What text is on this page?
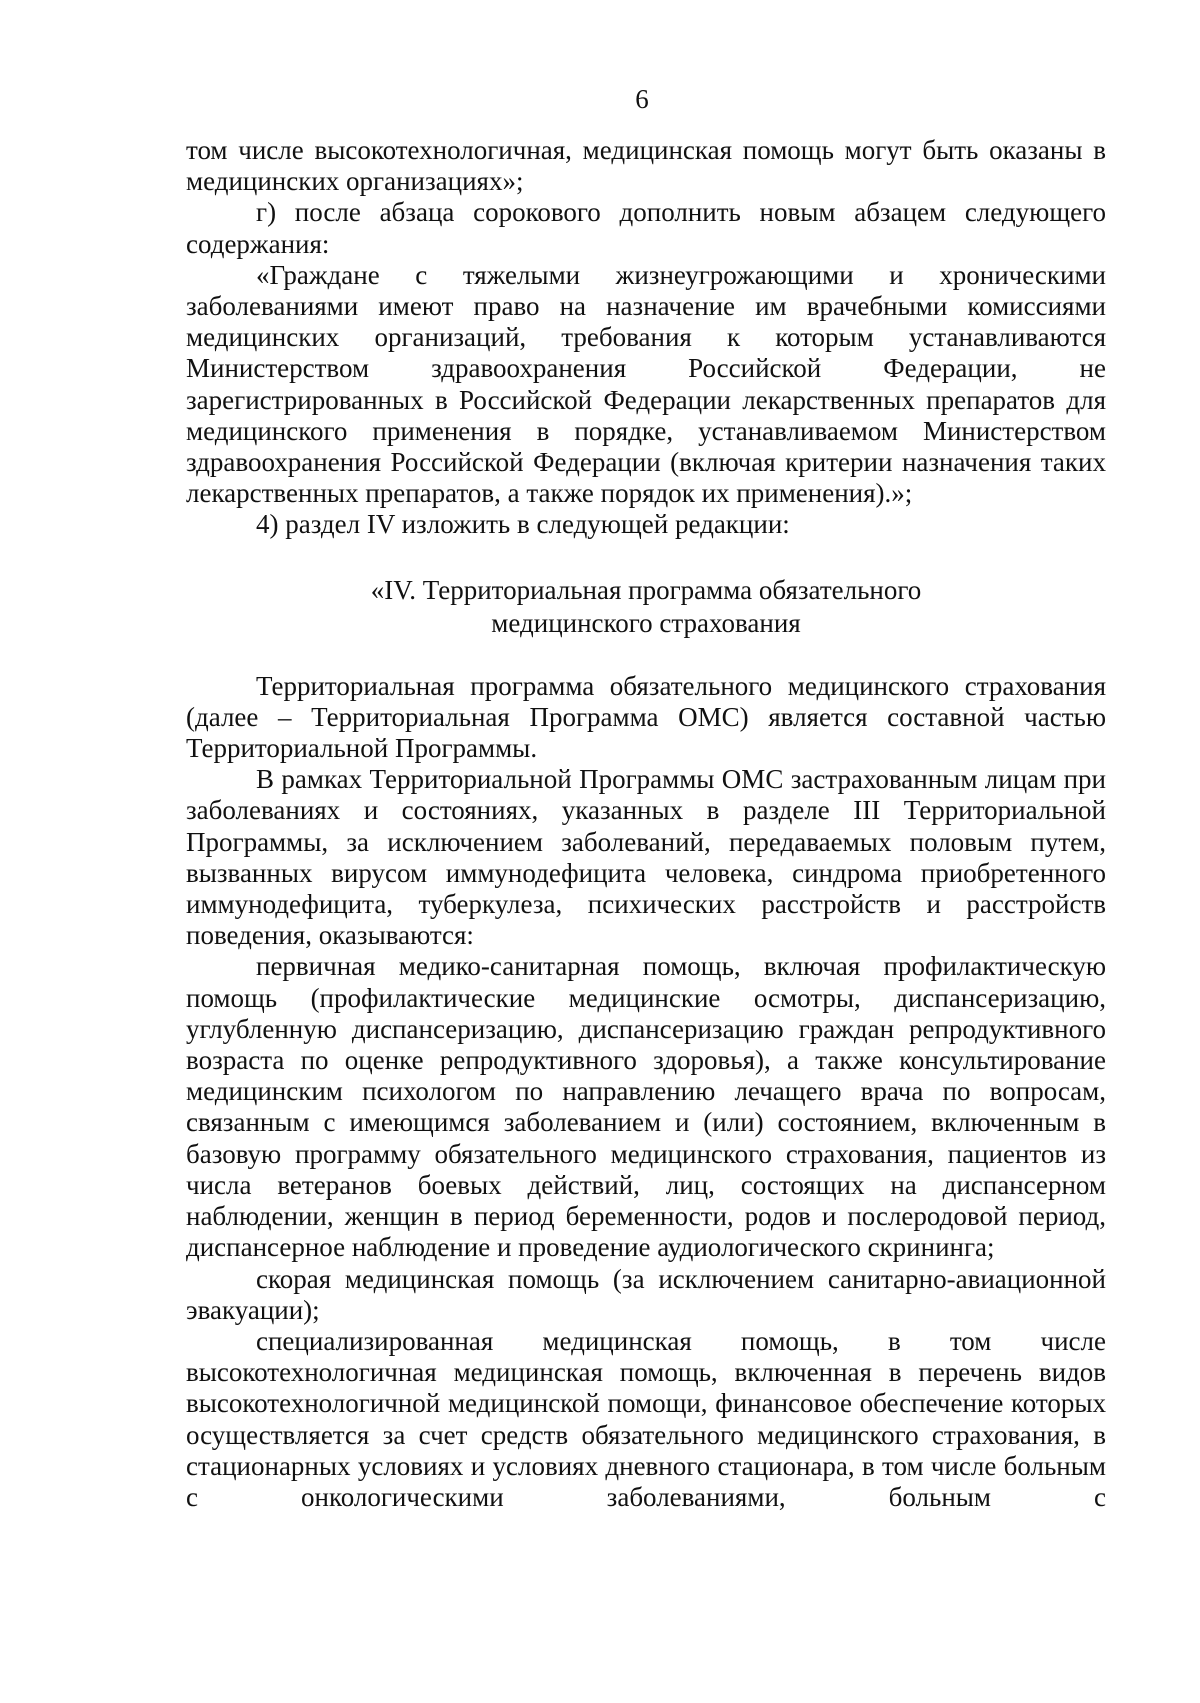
6

том числе высокотехнологичная, медицинская помощь могут быть оказаны в медицинских организациях»;

г) после абзаца сорокового дополнить новым абзацем следующего содержания:

«Граждане с тяжелыми жизнеугрожающими и хроническими заболеваниями имеют право на назначение им врачебными комиссиями медицинских организаций, требования к которым устанавливаются Министерством здравоохранения Российской Федерации, не зарегистрированных в Российской Федерации лекарственных препаратов для медицинского применения в порядке, устанавливаемом Министерством здравоохранения Российской Федерации (включая критерии назначения таких лекарственных препаратов, а также порядок их применения).»;

4) раздел IV изложить в следующей редакции:

«IV. Территориальная программа обязательного
медицинского страхования

Территориальная программа обязательного медицинского страхования (далее – Территориальная Программа ОМС) является составной частью Территориальной Программы.

В рамках Территориальной Программы ОМС застрахованным лицам при заболеваниях и состояниях, указанных в разделе III Территориальной Программы, за исключением заболеваний, передаваемых половым путем, вызванных вирусом иммунодефицита человека, синдрома приобретенного иммунодефицита, туберкулеза, психических расстройств и расстройств поведения, оказываются:

первичная медико-санитарная помощь, включая профилактическую помощь (профилактические медицинские осмотры, диспансеризацию, углубленную диспансеризацию, диспансеризацию граждан репродуктивного возраста по оценке репродуктивного здоровья), а также консультирование медицинским психологом по направлению лечащего врача по вопросам, связанным с имеющимся заболеванием и (или) состоянием, включенным в базовую программу обязательного медицинского страхования, пациентов из числа ветеранов боевых действий, лиц, состоящих на диспансерном наблюдении, женщин в период беременности, родов и послеродовой период, диспансерное наблюдение и проведение аудиологического скрининга;

скорая медицинская помощь (за исключением санитарно-авиационной эвакуации);

специализированная медицинская помощь, в том числе высокотехнологичная медицинская помощь, включенная в перечень видов высокотехнологичной медицинской помощи, финансовое обеспечение которых осуществляется за счет средств обязательного медицинского страхования, в стационарных условиях и условиях дневного стационара, в том числе больным с онкологическими заболеваниями, больным с
